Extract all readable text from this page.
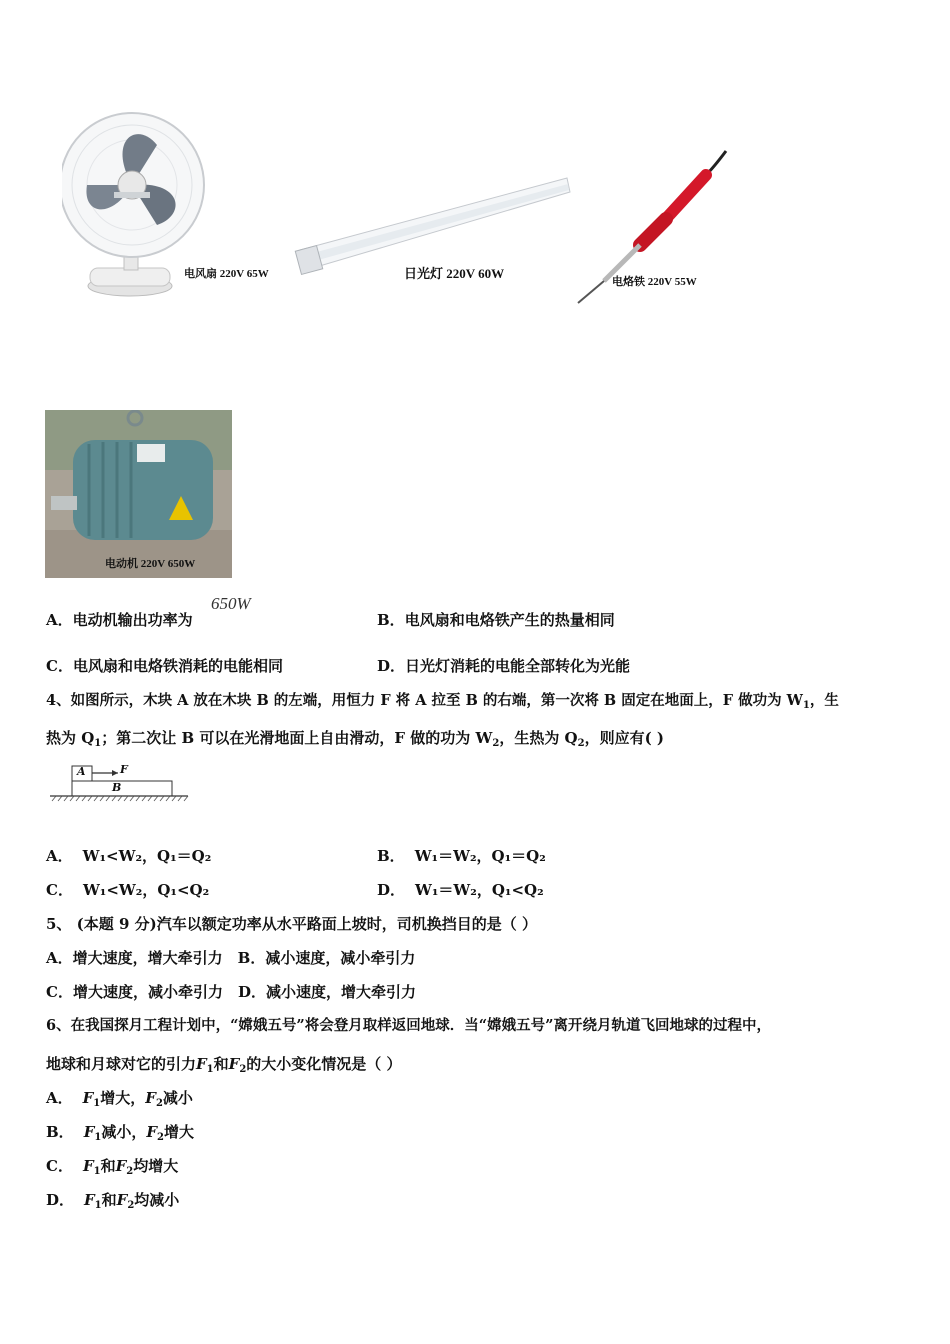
电风扇 220V 65W	日光灯 220V 60W
电烙铁 220V 55W
电动机 220V 650W
A．电动机输出功率为
650W
B．电风扇和电烙铁产生的热量相同
C．电风扇和电烙铁消耗的电能相同	D．日光灯消耗的电能全部转化为光能
4、如图所示，木块 A 放在木块 B 的左端，用恒力 F 将 A 拉至 B 的右端，第一次将 B 固定在地面上，F 做功为 $W_1$，生
热为 $Q_1$；第二次让 B 可以在光滑地面上自由滑动，F 做的功为 $W_2$，生热为 $Q_2$，则应有( )
A	F
B
A． W₁<W₂，Q₁＝Q₂	B． W₁＝W₂，Q₁＝Q₂
C． W₁<W₂，Q₁<Q₂	D． W₁＝W₂，Q₁<Q₂
5、 (本题 9 分)汽车以额定功率从水平路面上坡时，司机换挡目的是（ ）
A．增大速度，增大牵引力　B．减小速度，减小牵引力
C．增大速度，减小牵引力　D．减小速度，增大牵引力
6、在我国探月工程计划中，“嫦娥五号”将会登月取样返回地球．当“嫦娥五号”离开绕月轨道飞回地球的过程中，
地球和月球对它的引力$F_1$和$F_2$的大小变化情况是（ ）
A． $F_1$增大，$F_2$减小
B． $F_1$减小，$F_2$增大
C． $F_1$和$F_2$均增大
D． $F_1$和$F_2$均减小
